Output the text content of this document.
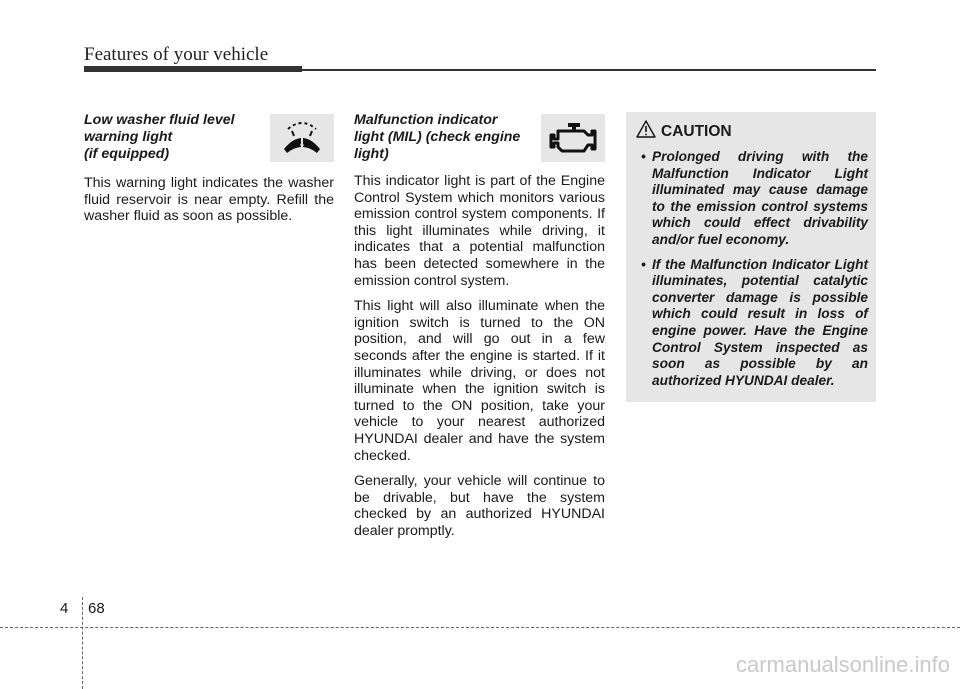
Features of your vehicle
Low washer fluid level
warning light
(if equipped)

This warning light indicates the washer fluid reservoir is near empty. Refill the washer fluid as soon as possible.

Malfunction indicator
light (MIL) (check engine
light)

This indicator light is part of the Engine Control System which monitors various emission control system components. If this light illuminates while driving, it indicates that a potential malfunction has been detected somewhere in the emission control system.

This light will also illuminate when the ignition switch is turned to the ON position, and will go out in a few seconds after the engine is started. If it illuminates while driving, or does not illuminate when the ignition switch is turned to the ON position, take your vehicle to your nearest authorized HYUNDAI dealer and have the system checked.

Generally, your vehicle will continue to be drivable, but have the system checked by an authorized HYUNDAI dealer promptly.

CAUTION
• Prolonged driving with the Malfunction Indicator Light illuminated may cause damage to the emission control systems which could effect drivability and/or fuel economy.
• If the Malfunction Indicator Light illuminates, potential catalytic converter damage is possible which could result in loss of engine power. Have the Engine Control System inspected as soon as possible by an authorized HYUNDAI dealer.
4 68
carmanualsonline.info
